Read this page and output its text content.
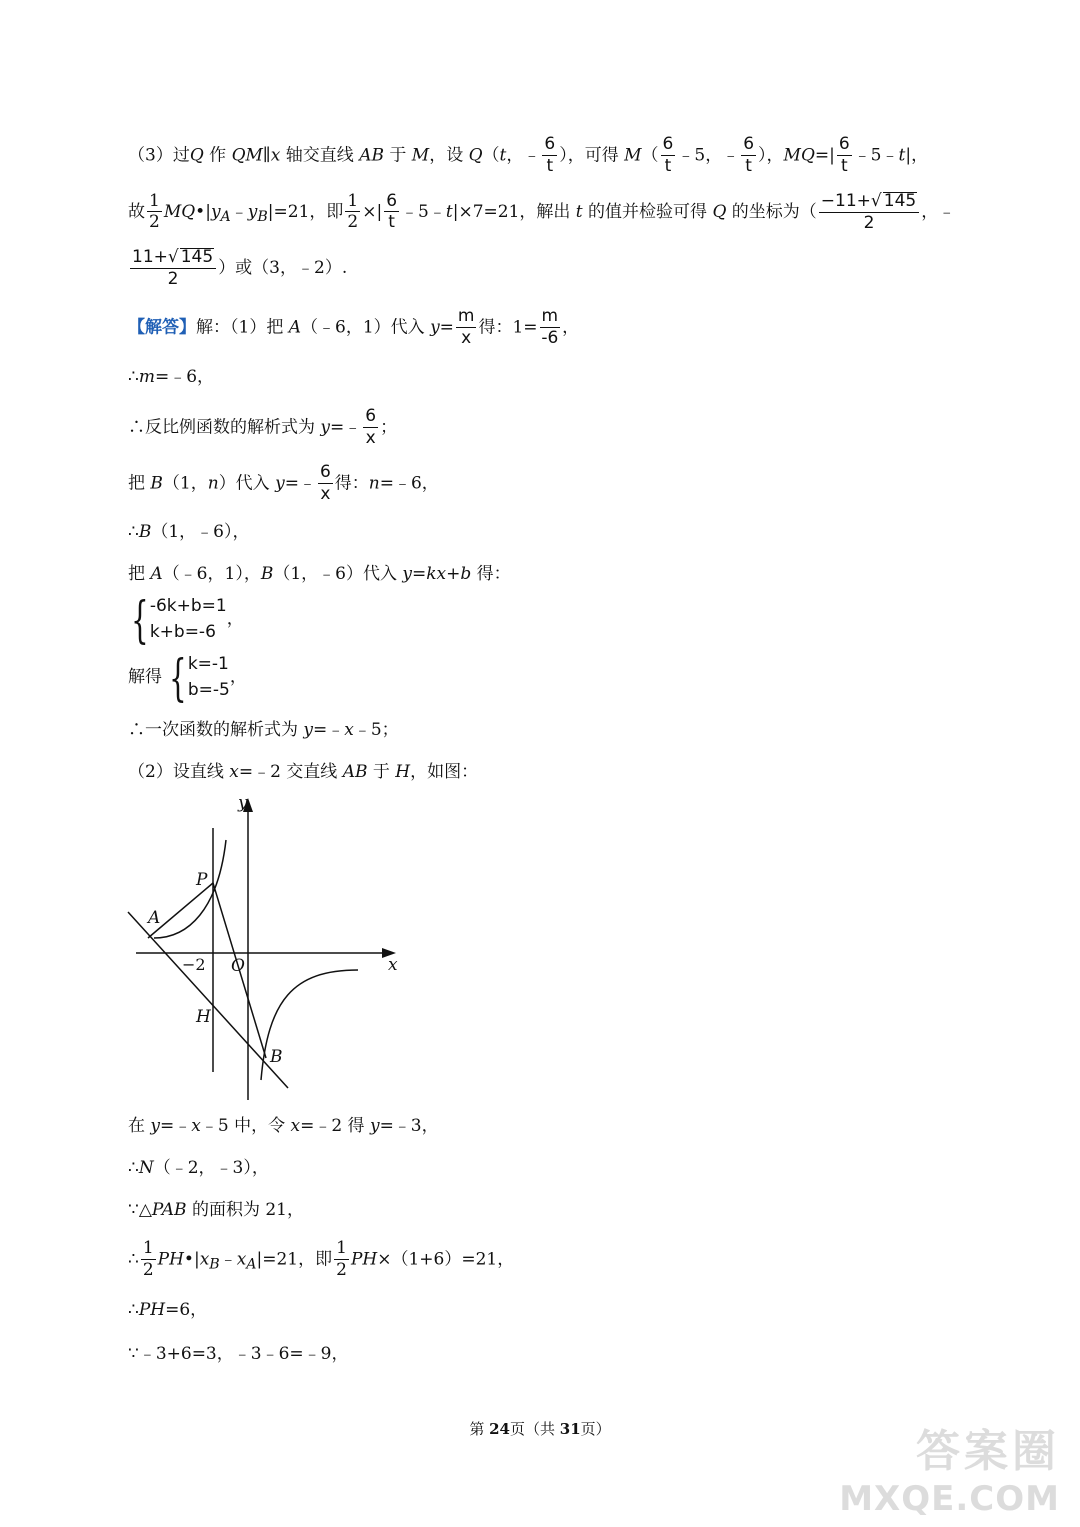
（3）过Q 作 QM∥x 轴交直线 AB 于 M，设 Q（t，﹣ $\frac{6}{t}$ ），可得 $M( \frac{6}{t}$ ﹣5，﹣ $\frac{6}{t}$ ），$MQ=| \frac{6}{t}$ ﹣5﹣t|，
故 $\frac{1}{2}$ $MQ•|y_A﹣y_B|=21$，即 $\frac{1}{2}$ ×| $\frac{6}{t}$ ﹣5﹣t|×7=21，解出 t 的值并检验可得 Q 的坐标为（ $\frac{-11+√ 145}{2}$ ，﹣
$\frac{11+√ 145}{2}$ ）或（3，﹣2）.
【解答】解：（1）把 A（﹣6，1）代入 $y= \frac{m}{x}$ 得：$1= \frac{m}{-6}$ ，
∴m=﹣6，
∴反比例函数的解析式为 y=﹣ $\frac{6}{x}$ ；
把 B（1，n）代入 y=﹣ $\frac{6}{x}$ 得：n=﹣6，
∴B（1，﹣6），
把 A（﹣6，1），B（1，﹣6）代入 y=kx+b 得：
{ -6k+b=1
k+b=-6
，
解得 { k=-1
b=-5
，
∴一次函数的解析式为 y=﹣x﹣5；
（2）设直线 x=﹣2 交直线 AB 于 H，如图：
y
x
P
A
O
H
B
−2
在 y=﹣x﹣5 中，令 x=﹣2 得 y=﹣3，
∴N（﹣2，﹣3），
∵△PAB 的面积为 21，
∴ $\frac{1}{2}$ $PH•|x_B﹣x_A|=21$，即 $\frac{1}{2} PH\times(1+6)=21$，
∴PH=6，
∵﹣3+6=3，﹣3﹣6=﹣9，
第 24页（共 31页）	答案圈
MXQE.COM
